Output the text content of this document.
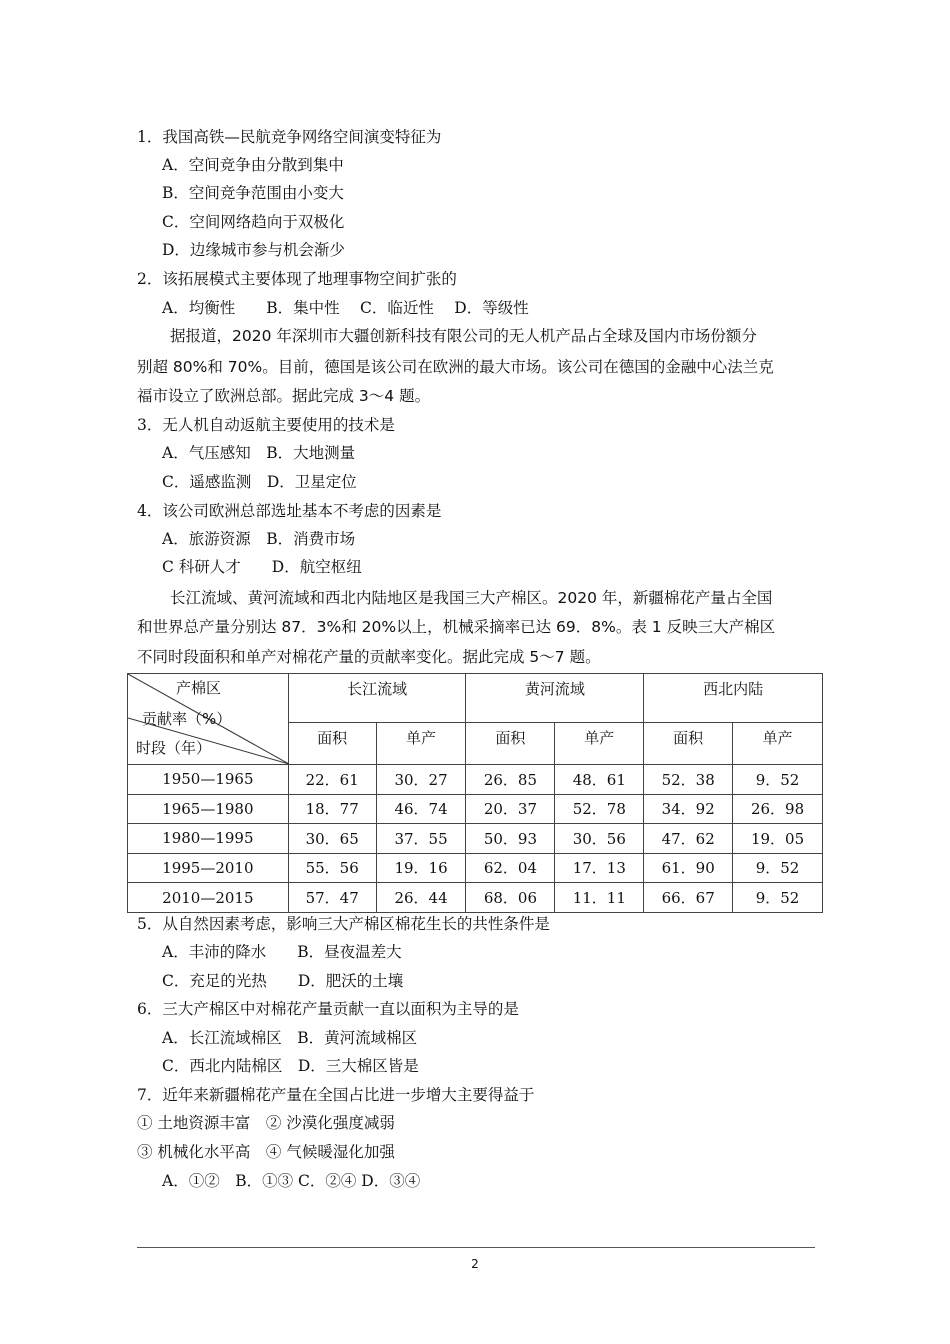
1．我国高铁—民航竞争网络空间演变特征为
A．空间竞争由分散到集中
B．空间竞争范围由小变大
C．空间网络趋向于双极化
D．边缘城市参与机会渐少
2．该拓展模式主要体现了地理事物空间扩张的
A．均衡性　　B．集中性　 C．临近性　 D．等级性
据报道，2020 年深圳市大疆创新科技有限公司的无人机产品占全球及国内市场份额分
别超 80%和 70%。目前，德国是该公司在欧洲的最大市场。该公司在德国的金融中心法兰克
福市设立了欧洲总部。据此完成 3～4 题。
3．无人机自动返航主要使用的技术是
A．气压感知　B．大地测量
C．遥感监测　D．卫星定位
4．该公司欧洲总部选址基本不考虑的因素是
A．旅游资源　B．消费市场
C 科研人才　　D．航空枢纽
长江流域、黄河流域和西北内陆地区是我国三大产棉区。2020 年，新疆棉花产量占全国
和世界总产量分别达 87．3%和 20%以上，机械采摘率已达 69．8%。表 1 反映三大产棉区
不同时段面积和单产对棉花产量的贡献率变化。据此完成 5～7 题。
产棉区
贡献率（%）
时段（年）	长江流域		黄河流域		西北内陆	
	面积	单产	面积	单产	面积	单产
1950—1965	22．61	30．27	26．85	48．61	52．38	9．52
1965—1980	18．77	46．74	20．37	52．78	34．92	26．98
1980—1995	30．65	37．55	50．93	30．56	47．62	19．05
1995—2010	55．56	19．16	62．04	17．13	61．90	9．52
2010—2015	57．47	26．44	68．06	11．11	66．67	9．52
5．从自然因素考虑，影响三大产棉区棉花生长的共性条件是
A．丰沛的降水　　B．昼夜温差大
C．充足的光热　　D．肥沃的土壤
6．三大产棉区中对棉花产量贡献一直以面积为主导的是
A．长江流域棉区　B．黄河流域棉区
C．西北内陆棉区　D．三大棉区皆是
7．近年来新疆棉花产量在全国占比进一步增大主要得益于
① 土地资源丰富　② 沙漠化强度减弱
③ 机械化水平高　④ 气候暖湿化加强
A．①②　B．①③ C．②④ D．③④
2
